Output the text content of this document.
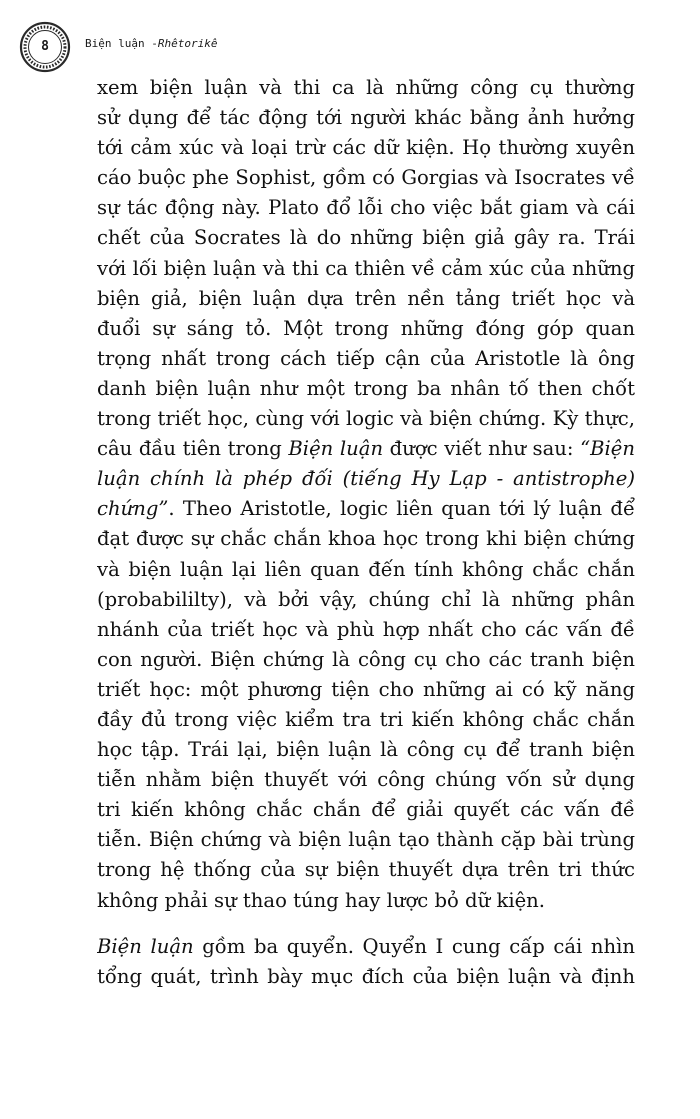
8	Biện luận -Rhêtorikê
xem biện luận và thi ca là những công cụ thường
sử dụng để tác động tới người khác bằng ảnh hưởng
tới cảm xúc và loại trừ các dữ kiện. Họ thường xuyên
cáo buộc phe Sophist, gồm có Gorgias và Isocrates về
sự tác động này. Plato đổ lỗi cho việc bắt giam và cái
chết của Socrates là do những biện giả gây ra. Trái
với lối biện luận và thi ca thiên về cảm xúc của những
biện giả, biện luận dựa trên nền tảng triết học và
đuổi sự sáng tỏ. Một trong những đóng góp quan
trọng nhất trong cách tiếp cận của Aristotle là ông
danh biện luận như một trong ba nhân tố then chốt
trong triết học, cùng với logic và biện chứng. Kỳ thực,
câu đầu tiên trong Biện luận được viết như sau: “Biện
luận chính là phép đối (tiếng Hy Lạp - antistrophe)
chứng”. Theo Aristotle, logic liên quan tới lý luận để
đạt được sự chắc chắn khoa học trong khi biện chứng
và biện luận lại liên quan đến tính không chắc chắn
(probabililty), và bởi vậy, chúng chỉ là những phân
nhánh của triết học và phù hợp nhất cho các vấn đề
con người. Biện chứng là công cụ cho các tranh biện
triết học: một phương tiện cho những ai có kỹ năng
đầy đủ trong việc kiểm tra tri kiến không chắc chắn
học tập. Trái lại, biện luận là công cụ để tranh biện
tiễn nhằm biện thuyết với công chúng vốn sử dụng
tri kiến không chắc chắn để giải quyết các vấn đề
tiễn. Biện chứng và biện luận tạo thành cặp bài trùng
trong hệ thống của sự biện thuyết dựa trên tri thức
không phải sự thao túng hay lược bỏ dữ kiện.
Biện luận gồm ba quyển. Quyển I cung cấp cái nhìn
tổng quát, trình bày mục đích của biện luận và định
